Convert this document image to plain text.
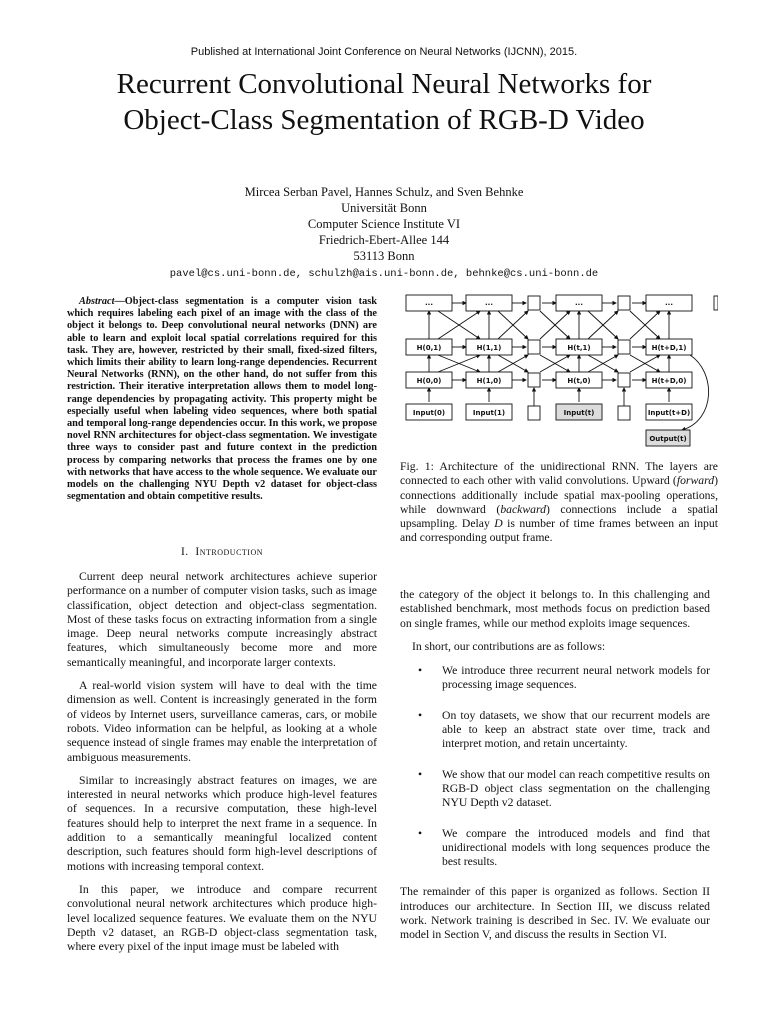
Published at International Joint Conference on Neural Networks (IJCNN), 2015.
Recurrent Convolutional Neural Networks for
Object-Class Segmentation of RGB-D Video
Mircea Serban Pavel, Hannes Schulz, and Sven Behnke
Universität Bonn
Computer Science Institute VI
Friedrich-Ebert-Allee 144
53113 Bonn
pavel@cs.uni-bonn.de, schulzh@ais.uni-bonn.de, behnke@cs.uni-bonn.de

Abstract—Object-class segmentation is a computer vision task which requires labeling each pixel of an image with the class of the object it belongs to. Deep convolutional neural networks (DNN) are able to learn and exploit local spatial correlations required for this task. They are, however, restricted by their small, fixed-sized filters, which limits their ability to learn long-range dependencies. Recurrent Neural Networks (RNN), on the other hand, do not suffer from this restriction. Their iterative interpretation allows them to model long-range dependencies by propagating activity. This property might be especially useful when labeling video sequences, where both spatial and temporal long-range dependencies occur. In this work, we propose novel RNN architectures for object-class segmentation. We investigate three ways to consider past and future context in the prediction process by comparing networks that process the frames one by one with networks that have access to the whole sequence. We evaluate our models on the challenging NYU Depth v2 dataset for object-class segmentation and obtain competitive results.

I. Introduction

Current deep neural network architectures achieve superior performance on a number of computer vision tasks, such as image classification, object detection and object-class segmentation. Most of these tasks focus on extracting information from a single image. Deep neural networks compute increasingly abstract features, which simultaneously become more and more semantically meaningful, and incorporate larger contexts.

A real-world vision system will have to deal with the time dimension as well. Content is increasingly generated in the form of videos by Internet users, surveillance cameras, cars, or mobile robots. Video information can be helpful, as looking at a whole sequence instead of single frames may enable the interpretation of ambiguous measurements.

Similar to increasingly abstract features on images, we are interested in neural networks which produce high-level features of sequences. In a recursive computation, these high-level features should help to interpret the next frame in a sequence. In addition to a semantically meaningful localized content description, such features should form high-level descriptions of motions with increasing temporal context.

In this paper, we introduce and compare recurrent convolutional neural network architectures which produce high-level localized sequence features. We evaluate them on the NYU Depth v2 dataset, an RGB-D object-class segmentation task, where every pixel of the input image must be labeled with

...	...	...	...
H(0,1)	H(1,1)	H(t,1)	H(t+D,1)
H(0,0)	H(1,0)	H(t,0)	H(t+D,0)
Input(0)	Input(1)	Input(t)	Input(t+D)
Output(t)
Fig. 1: Architecture of the unidirectional RNN. The layers are connected to each other with valid convolutions. Upward (forward) connections additionally include spatial max-pooling operations, while downward (backward) connections include a spatial upsampling. Delay D is number of time frames between an input and corresponding output frame.

the category of the object it belongs to. In this challenging and established benchmark, most methods focus on prediction based on single frames, while our method exploits image sequences.

In short, our contributions are as follows:

• We introduce three recurrent neural network models for processing image sequences.
• On toy datasets, we show that our recurrent models are able to keep an abstract state over time, track and interpret motion, and retain uncertainty.
• We show that our model can reach competitive results on RGB-D object class segmentation on the challenging NYU Depth v2 dataset.
• We compare the introduced models and find that unidirectional models with long sequences produce the best results.

The remainder of this paper is organized as follows. Section II introduces our architecture. In Section III, we discuss related work. Network training is described in Sec. IV. We evaluate our model in Section V, and discuss the results in Section VI.
